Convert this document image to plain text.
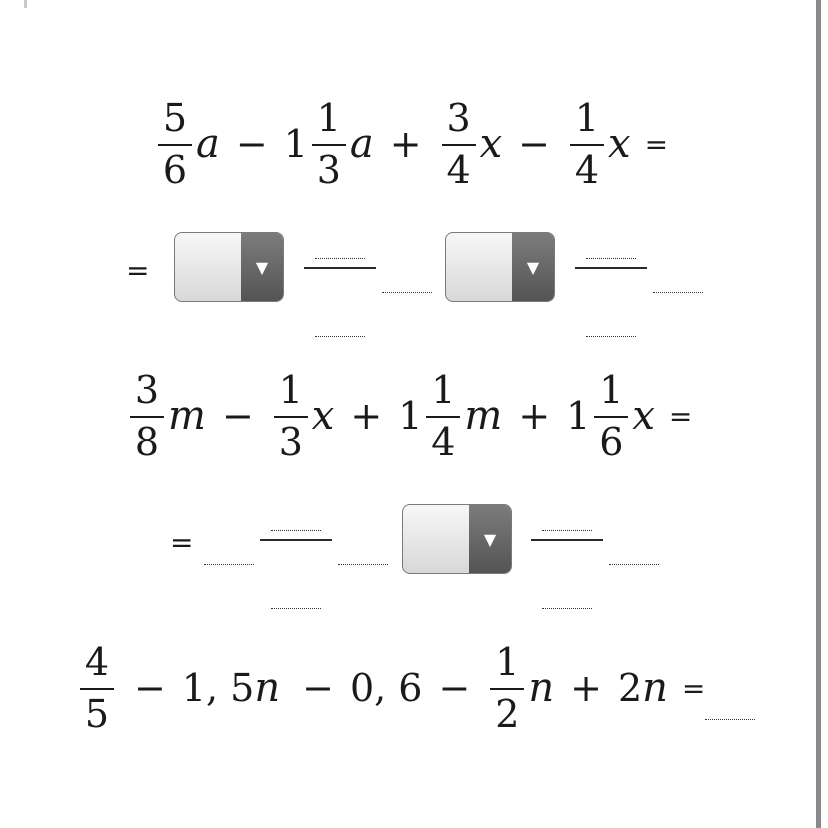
$\frac{5}{6}$ $a - 1 \frac{1}{3}$ $a + \frac{3}{4}$ $x - \frac{1}{4}$ x =
=	▼	▼
$\frac{3}{8}$ $m - \frac{1}{3}$ $x + 1 \frac{1}{4}$ $m + 1 \frac{1}{6}$ x =
=	▼
$\frac{4}{5} - 1$, 5 n − 0, $6 - \frac{1}{2}$ n + 2 n =
